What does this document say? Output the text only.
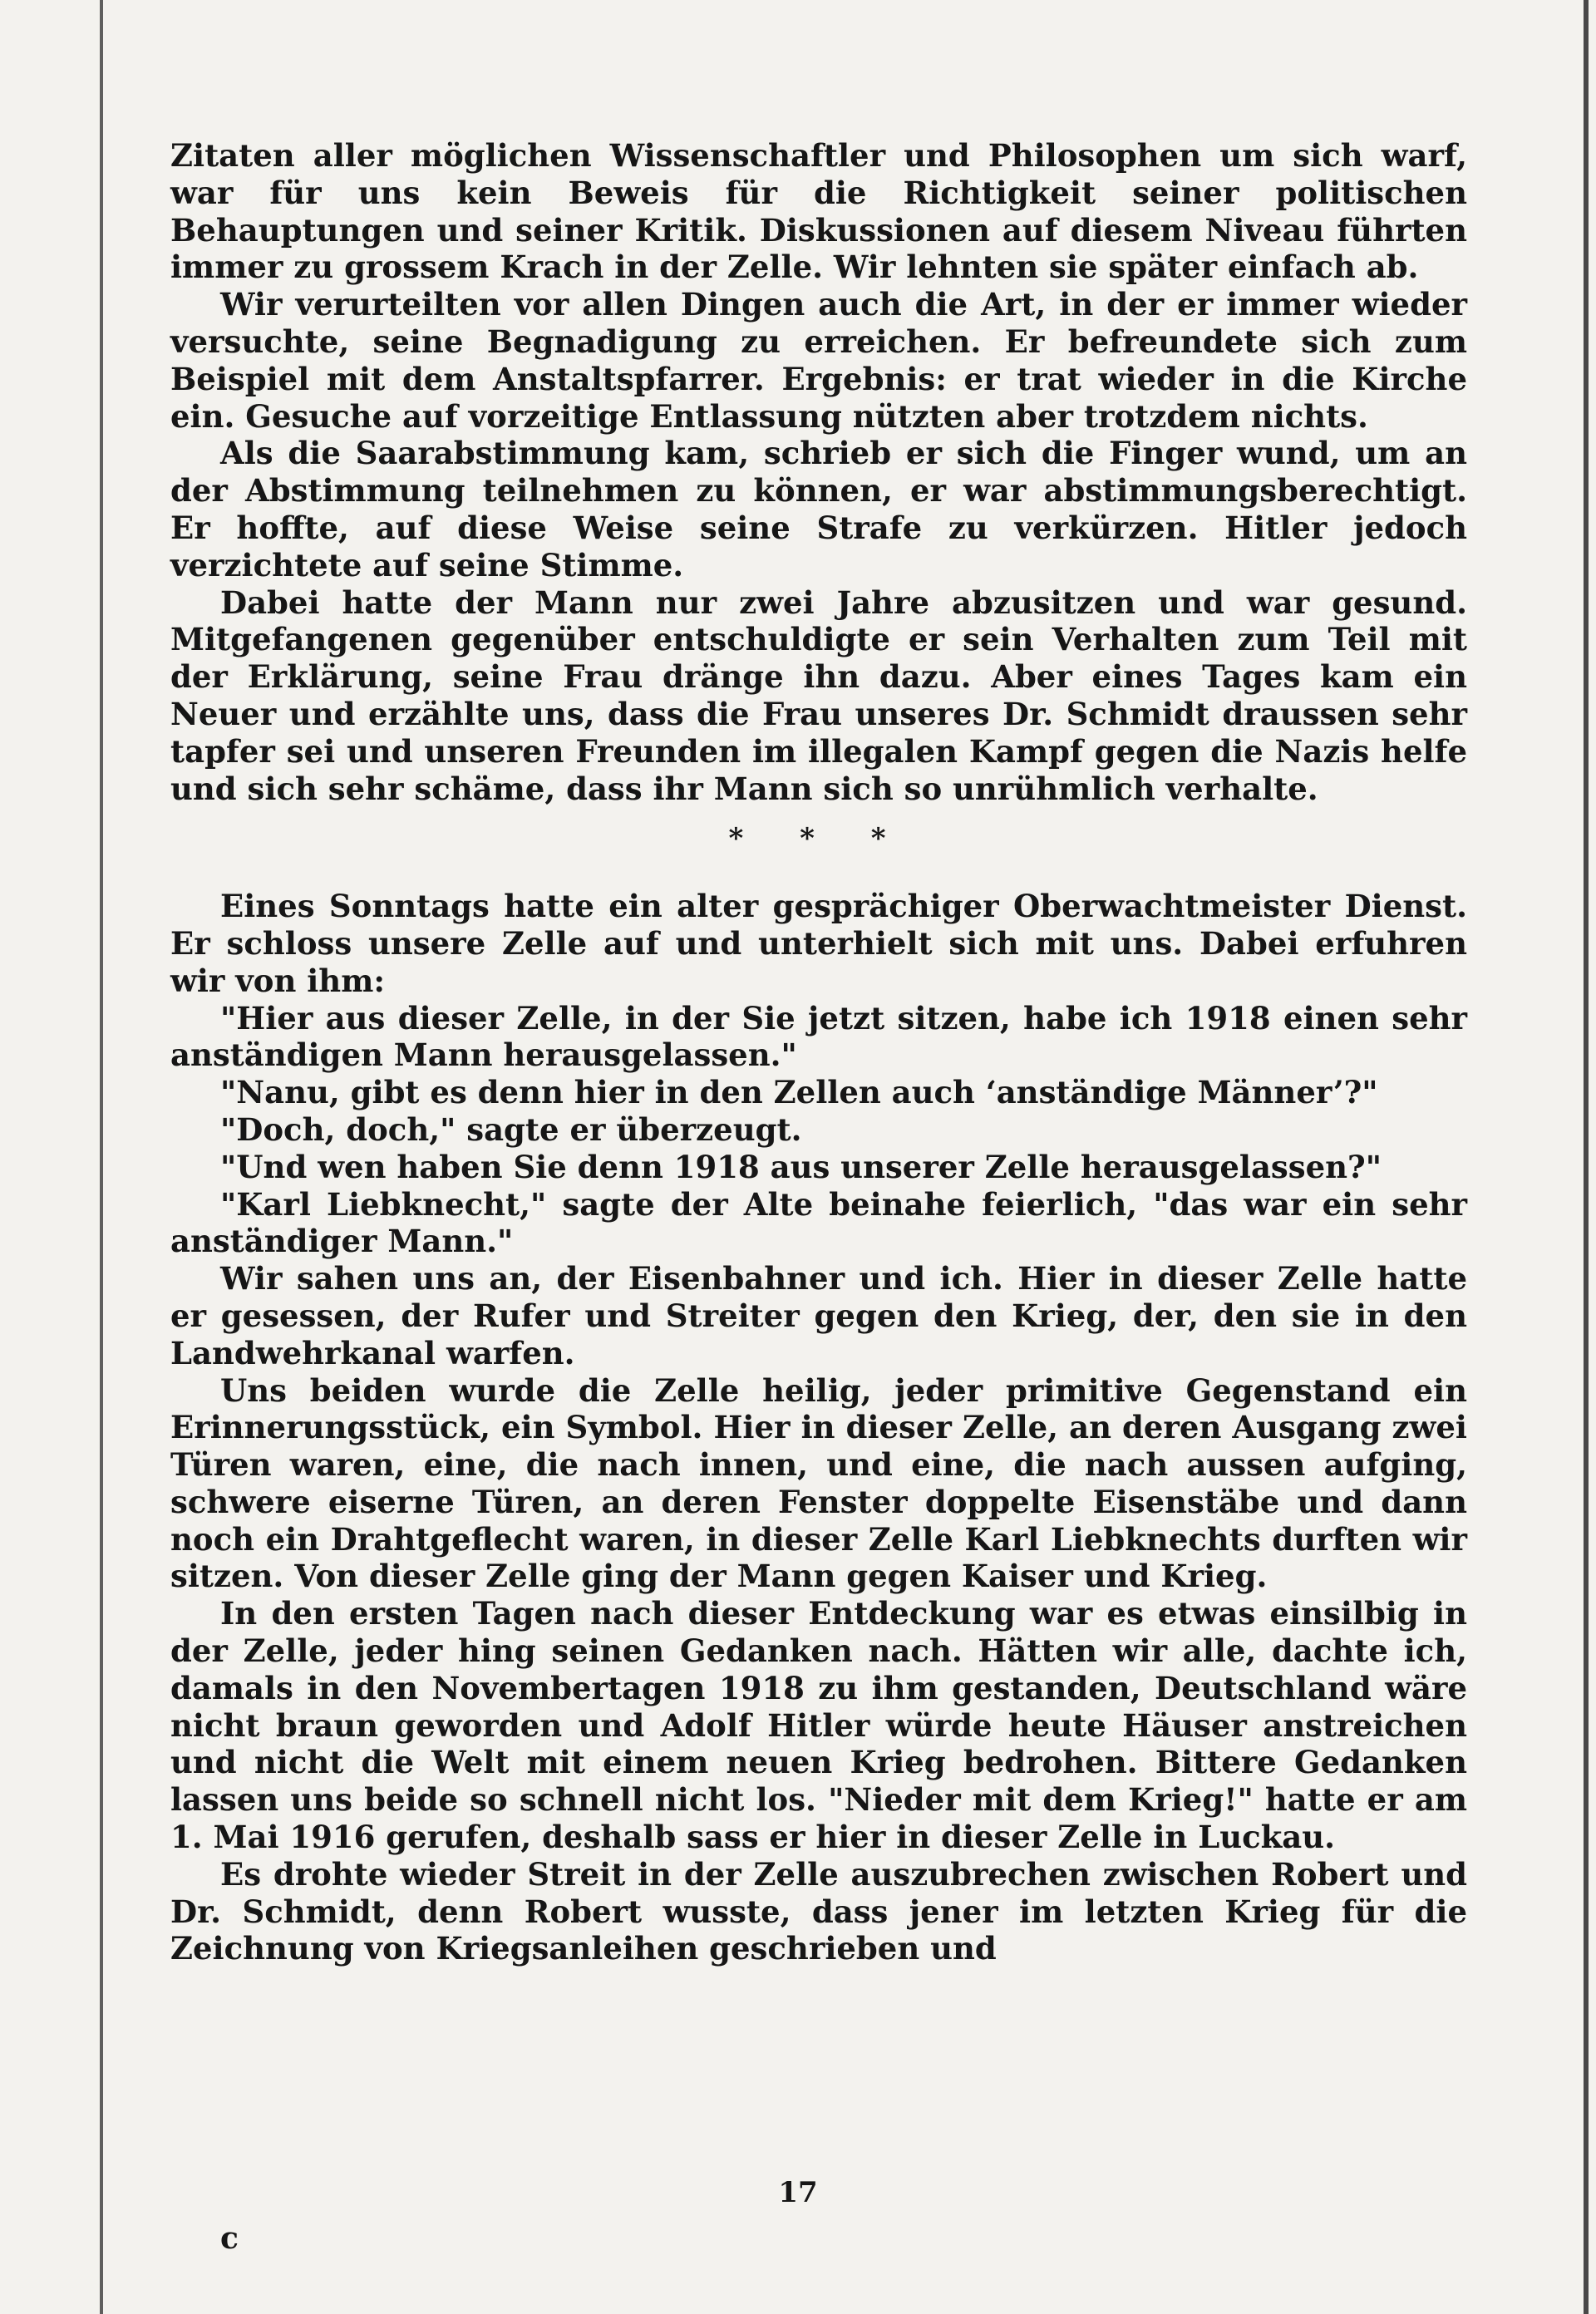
Zitaten aller möglichen Wissenschaftler und Philosophen um sich warf, war für uns kein Beweis für die Richtigkeit seiner politischen Behauptungen und seiner Kritik. Diskussionen auf diesem Niveau führten immer zu grossem Krach in der Zelle. Wir lehnten sie später einfach ab.

Wir verurteilten vor allen Dingen auch die Art, in der er immer wieder versuchte, seine Begnadigung zu erreichen. Er befreundete sich zum Beispiel mit dem Anstaltspfarrer. Ergebnis: er trat wieder in die Kirche ein. Gesuche auf vorzeitige Entlassung nützten aber trotzdem nichts.

Als die Saarabstimmung kam, schrieb er sich die Finger wund, um an der Abstimmung teilnehmen zu können, er war abstimmungsberechtigt. Er hoffte, auf diese Weise seine Strafe zu verkürzen. Hitler jedoch verzichtete auf seine Stimme.

Dabei hatte der Mann nur zwei Jahre abzusitzen und war gesund. Mitgefangenen gegenüber entschuldigte er sein Verhalten zum Teil mit der Erklärung, seine Frau dränge ihn dazu. Aber eines Tages kam ein Neuer und erzählte uns, dass die Frau unseres Dr. Schmidt draussen sehr tapfer sei und unseren Freunden im illegalen Kampf gegen die Nazis helfe und sich sehr schäme, dass ihr Mann sich so unrühmlich verhalte.

* * *

Eines Sonntags hatte ein alter gesprächiger Oberwachtmeister Dienst. Er schloss unsere Zelle auf und unterhielt sich mit uns. Dabei erfuhren wir von ihm:

"Hier aus dieser Zelle, in der Sie jetzt sitzen, habe ich 1918 einen sehr anständigen Mann herausgelassen."

"Nanu, gibt es denn hier in den Zellen auch ‘anständige Männer’?"

"Doch, doch," sagte er überzeugt.

"Und wen haben Sie denn 1918 aus unserer Zelle herausgelassen?"

"Karl Liebknecht," sagte der Alte beinahe feierlich, "das war ein sehr anständiger Mann."

Wir sahen uns an, der Eisenbahner und ich. Hier in dieser Zelle hatte er gesessen, der Rufer und Streiter gegen den Krieg, der, den sie in den Landwehrkanal warfen.

Uns beiden wurde die Zelle heilig, jeder primitive Gegenstand ein Erinnerungsstück, ein Symbol. Hier in dieser Zelle, an deren Ausgang zwei Türen waren, eine, die nach innen, und eine, die nach aussen aufging, schwere eiserne Türen, an deren Fenster doppelte Eisenstäbe und dann noch ein Drahtgeflecht waren, in dieser Zelle Karl Liebknechts durften wir sitzen. Von dieser Zelle ging der Mann gegen Kaiser und Krieg.

In den ersten Tagen nach dieser Entdeckung war es etwas einsilbig in der Zelle, jeder hing seinen Gedanken nach. Hätten wir alle, dachte ich, damals in den Novembertagen 1918 zu ihm gestanden, Deutschland wäre nicht braun geworden und Adolf Hitler würde heute Häuser anstreichen und nicht die Welt mit einem neuen Krieg bedrohen. Bittere Gedanken lassen uns beide so schnell nicht los. "Nieder mit dem Krieg!" hatte er am 1. Mai 1916 gerufen, deshalb sass er hier in dieser Zelle in Luckau.

Es drohte wieder Streit in der Zelle auszubrechen zwischen Robert und Dr. Schmidt, denn Robert wusste, dass jener im letzten Krieg für die Zeichnung von Kriegsanleihen geschrieben und

17
c
